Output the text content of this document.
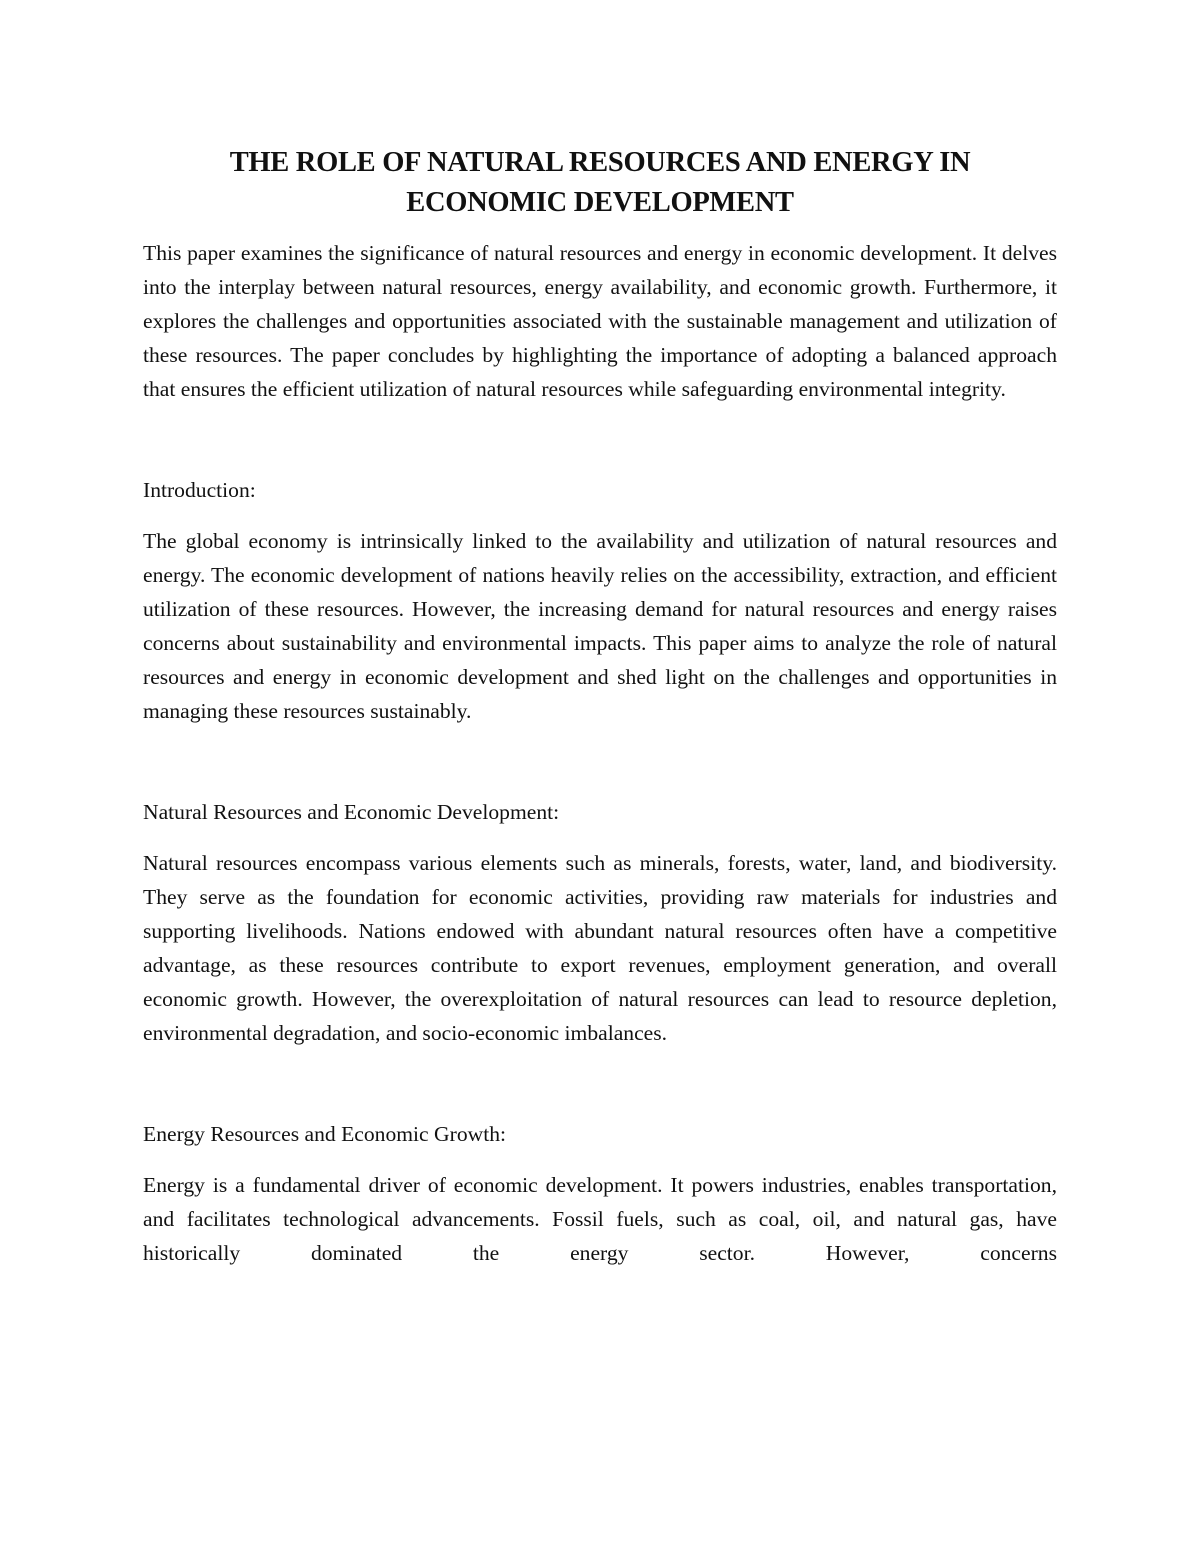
THE ROLE OF NATURAL RESOURCES AND ENERGY IN
ECONOMIC DEVELOPMENT

This paper examines the significance of natural resources and energy in economic development. It delves into the interplay between natural resources, energy availability, and economic growth. Furthermore, it explores the challenges and opportunities associated with the sustainable management and utilization of these resources. The paper concludes by highlighting the importance of adopting a balanced approach that ensures the efficient utilization of natural resources while safeguarding environmental integrity.

Introduction:

The global economy is intrinsically linked to the availability and utilization of natural resources and energy. The economic development of nations heavily relies on the accessibility, extraction, and efficient utilization of these resources. However, the increasing demand for natural resources and energy raises concerns about sustainability and environmental impacts. This paper aims to analyze the role of natural resources and energy in economic development and shed light on the challenges and opportunities in managing these resources sustainably.

Natural Resources and Economic Development:

Natural resources encompass various elements such as minerals, forests, water, land, and biodiversity. They serve as the foundation for economic activities, providing raw materials for industries and supporting livelihoods. Nations endowed with abundant natural resources often have a competitive advantage, as these resources contribute to export revenues, employment generation, and overall economic growth. However, the overexploitation of natural resources can lead to resource depletion, environmental degradation, and socio-economic imbalances.

Energy Resources and Economic Growth:

Energy is a fundamental driver of economic development. It powers industries, enables transportation, and facilitates technological advancements. Fossil fuels, such as coal, oil, and natural gas, have historically dominated the energy sector. However, concerns
